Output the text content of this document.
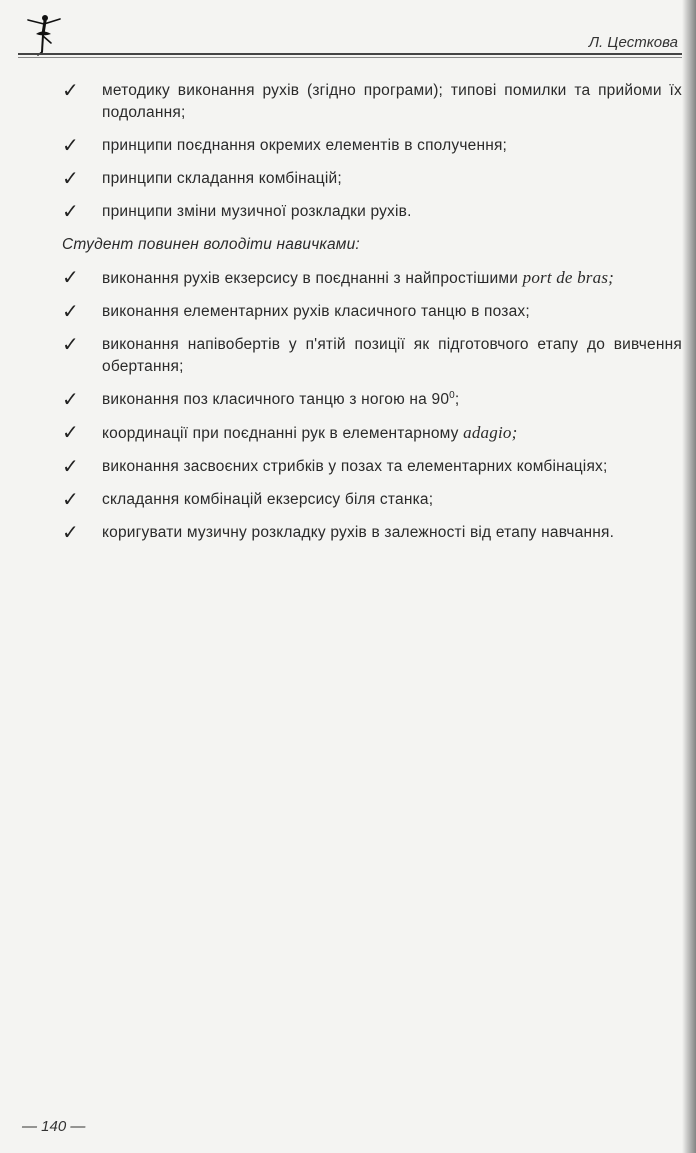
Л. Цесткова
✓ методику виконання рухів (згідно програми); типові помилки та прийоми їх подолання;
✓ принципи поєднання окремих елементів в сполучення;
✓ принципи складання комбінацій;
✓ принципи зміни музичної розкладки рухів.
Студент повинен володіти навичками:
✓ виконання рухів екзерсису в поєднанні з найпростішими port de bras;
✓ виконання елементарних рухів класичного танцю в позах;
✓ виконання напівобертів у п'ятій позиції як підготовчого етапу до вивчення обертання;
✓ виконання поз класичного танцю з ногою на $90^0$;
✓ координації при поєднанні рук в елементарному adagio;
✓ виконання засвоєних стрибків у позах та елементарних комбінаціях;
✓ складання комбінацій екзерсису біля станка;
✓ коригувати музичну розкладку рухів в залежності від етапу навчання.
— 140 —
